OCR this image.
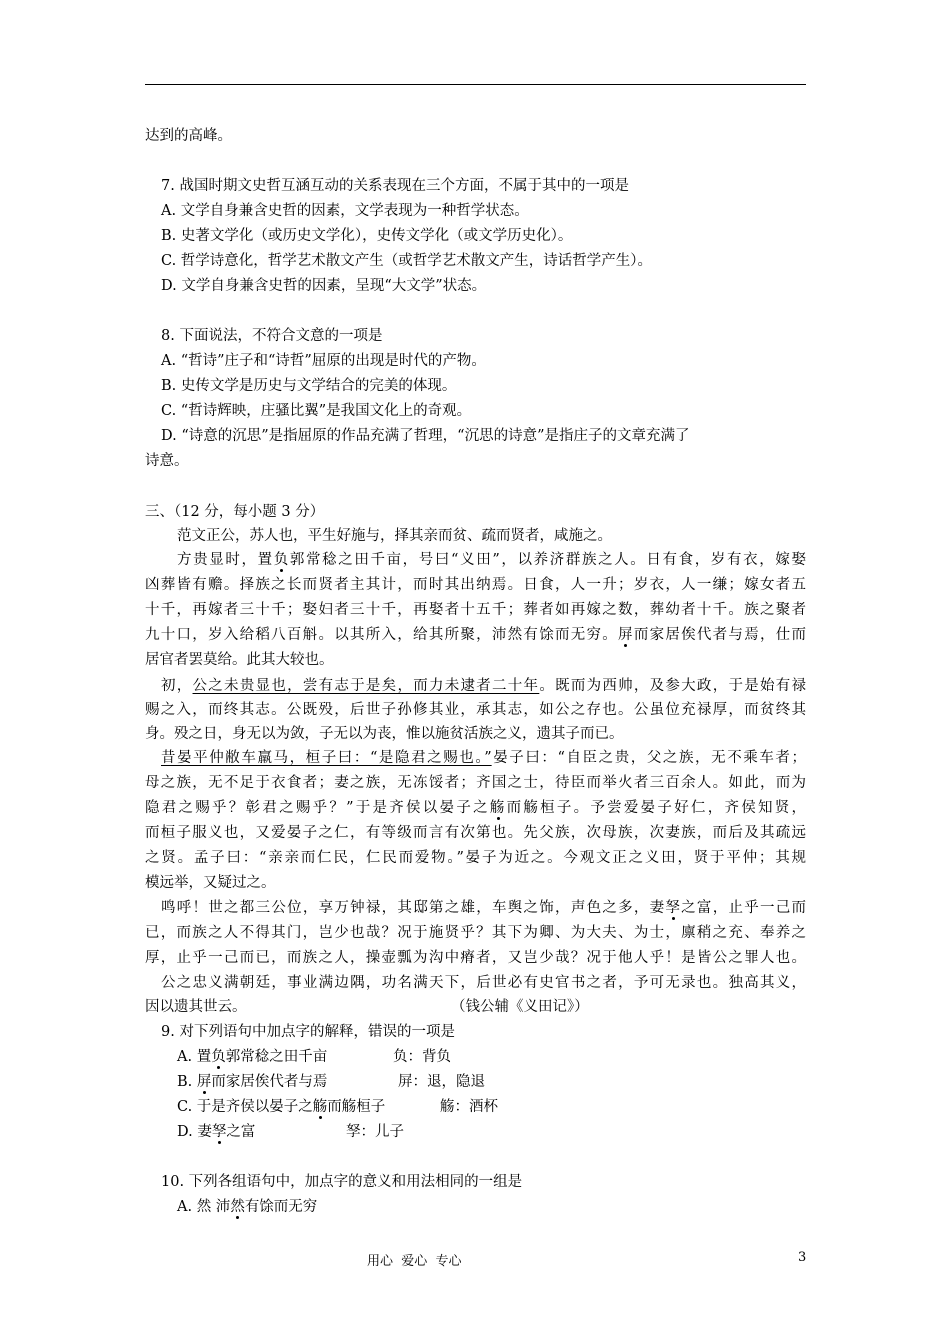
达到的高峰。
7. 战国时期文史哲互涵互动的关系表现在三个方面，不属于其中的一项是
A. 文学自身兼含史哲的因素，文学表现为一种哲学状态。
B. 史著文学化（或历史文学化），史传文学化（或文学历史化）。
C. 哲学诗意化，哲学艺术散文产生（或哲学艺术散文产生，诗话哲学产生）。
D. 文学自身兼含史哲的因素，呈现“大文学”状态。
8. 下面说法，不符合文意的一项是
A. “哲诗”庄子和“诗哲”屈原的出现是时代的产物。
B. 史传文学是历史与文学结合的完美的体现。
C. “哲诗辉映，庄骚比翼”是我国文化上的奇观。
D. “诗意的沉思”是指屈原的作品充满了哲理，“沉思的诗意”是指庄子的文章充满了
诗意。
三、（12 分，每小题 3 分）
范文正公，苏人也，平生好施与，择其亲而贫、疏而贤者，咸施之。
方贵显时，置负郭常稔之田千亩，号曰“义田”，以养济群族之人。日有食，岁有衣，嫁娶
凶葬皆有赡。择族之长而贤者主其计，而时其出纳焉。日食，人一升；岁衣，人一缣；嫁女者五
十千，再嫁者三十千；娶妇者三十千，再娶者十五千；葬者如再嫁之数，葬幼者十千。族之聚者
九十口，岁入给稻八百斛。以其所入，给其所聚，沛然有馀而无穷。屏而家居俟代者与焉，仕而
居官者罢莫给。此其大较也。
初，公之未贵显也，尝有志于是矣，而力未逮者二十年。既而为西帅，及参大政，于是始有禄
赐之入，而终其志。公既殁，后世子孙修其业，承其志，如公之存也。公虽位充禄厚，而贫终其
身。殁之日，身无以为敛，子无以为丧，惟以施贫活族之义，遗其子而已。
昔晏平仲敝车羸马，桓子曰：“是隐君之赐也。”晏子曰：“自臣之贵，父之族，无不乘车者；
母之族，无不足于衣食者；妻之族，无冻馁者；齐国之士，待臣而举火者三百余人。如此，而为
隐君之赐乎？彰君之赐乎？”于是齐侯以晏子之觞而觞桓子。予尝爱晏子好仁，齐侯知贤，
而桓子服义也，又爱晏子之仁，有等级而言有次第也。先父族，次母族，次妻族，而后及其疏远
之贤。孟子曰：“亲亲而仁民，仁民而爱物。”晏子为近之。今观文正之义田，贤于平仲；其规
模远举，又疑过之。
鸣呼！世之都三公位，享万钟禄，其邸第之雄，车舆之饰，声色之多，妻孥之富，止乎一己而
已，而族之人不得其门，岂少也哉？况于施贤乎？其下为卿、为大夫、为士，廪稍之充、奉养之
厚，止乎一己而已，而族之人，操壶瓢为沟中瘠者，又岂少哉？况于他人乎！是皆公之罪人也。
公之忠义满朝廷，事业满边隅，功名满天下，后世必有史官书之者，予可无录也。独高其义，
因以遗其世云。	（钱公辅《义田记》）
9. 对下列语句中加点字的解释，错误的一项是
A. 置负郭常稔之田千亩	负：背负
B. 屏而家居俟代者与焉	屏：退，隐退
C. 于是齐侯以晏子之觞而觞桓子	觞：酒杯
D. 妻孥之富	孥：儿子
10. 下列各组语句中，加点字的意义和用法相同的一组是
A. 然 沛然有馀而无穷
用心  爱心  专心	3
